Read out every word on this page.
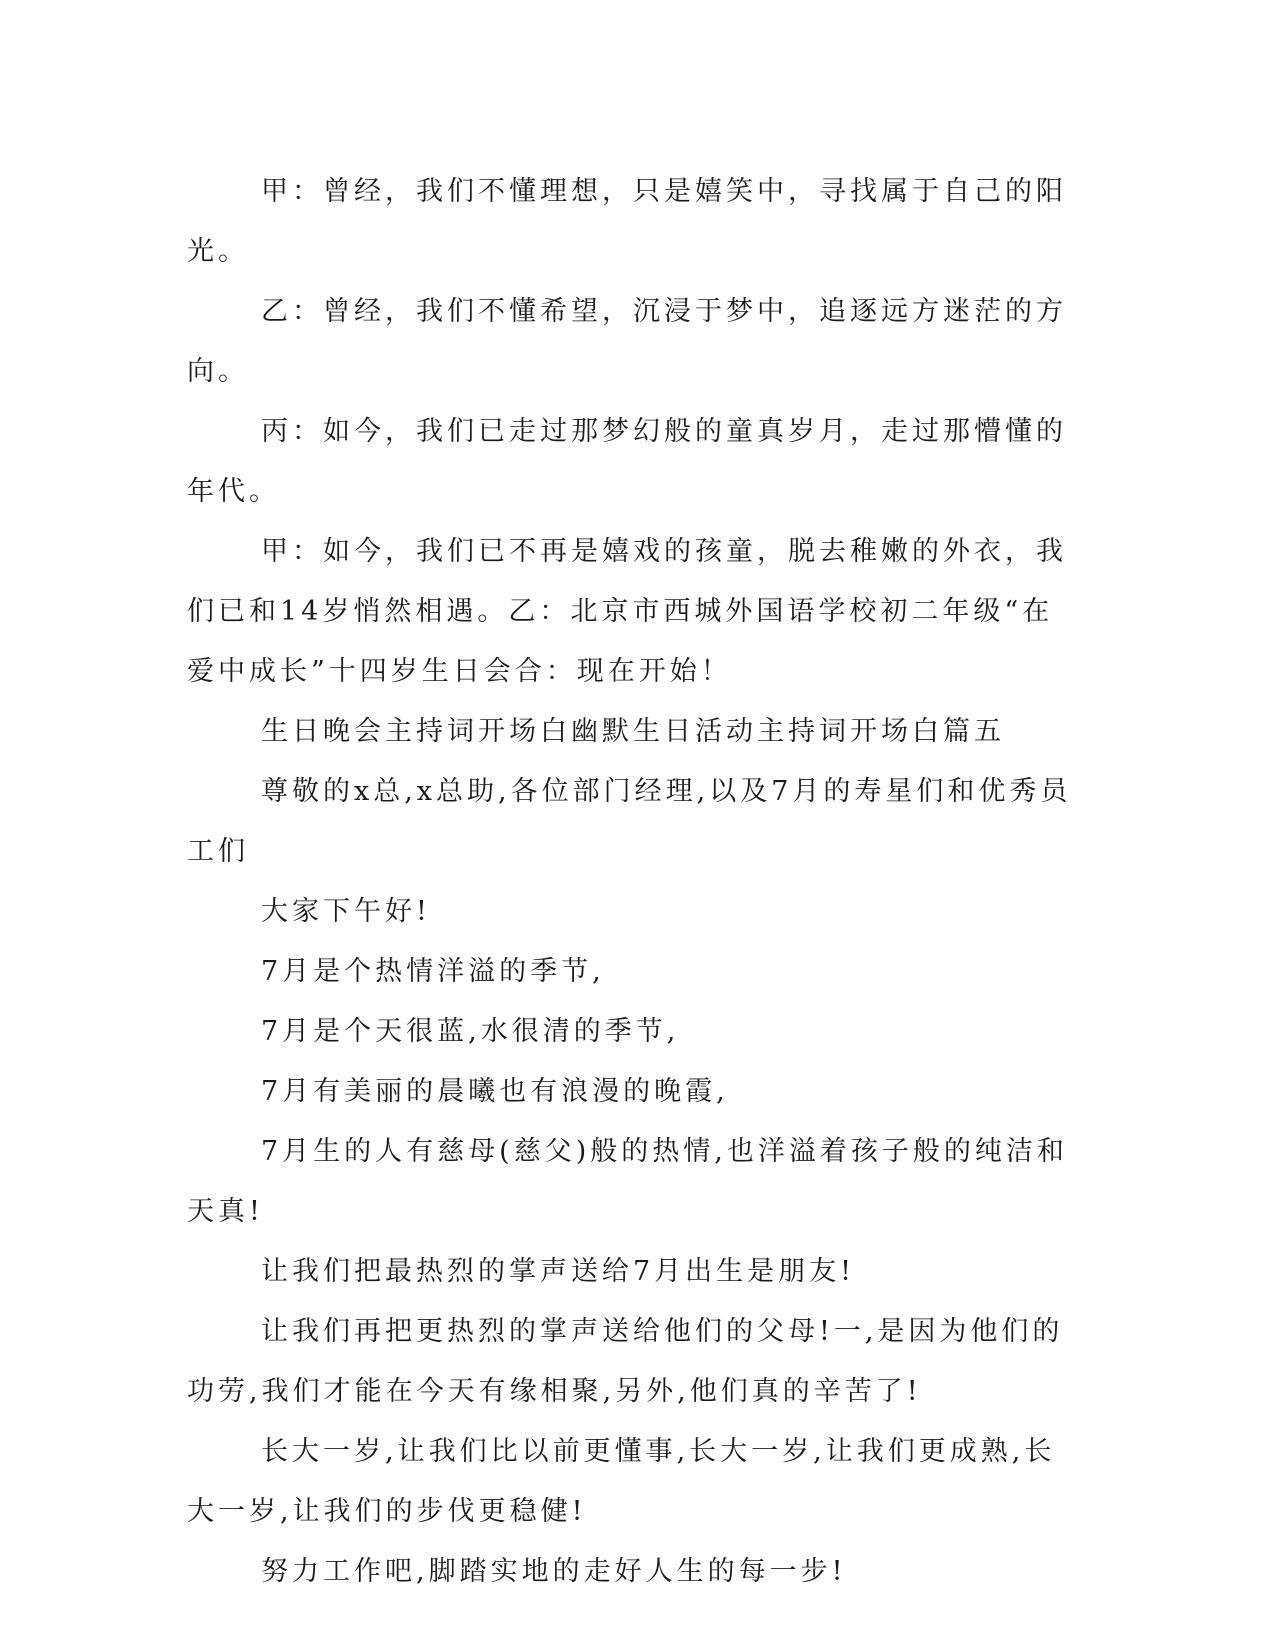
甲：曾经，我们不懂理想，只是嬉笑中，寻找属于自己的阳光。

乙：曾经，我们不懂希望，沉浸于梦中，追逐远方迷茫的方向。

丙：如今，我们已走过那梦幻般的童真岁月，走过那懵懂的年代。

甲：如今，我们已不再是嬉戏的孩童，脱去稚嫩的外衣，我们已和14岁悄然相遇。乙：北京市西城外国语学校初二年级“在爱中成长”十四岁生日会合：现在开始！

生日晚会主持词开场白幽默生日活动主持词开场白篇五

尊敬的x总,x总助,各位部门经理,以及7月的寿星们和优秀员工们

大家下午好!

7月是个热情洋溢的季节,

7月是个天很蓝,水很清的季节,

7月有美丽的晨曦也有浪漫的晚霞,

7月生的人有慈母(慈父)般的热情,也洋溢着孩子般的纯洁和天真!

让我们把最热烈的掌声送给7月出生是朋友!

让我们再把更热烈的掌声送给他们的父母!一,是因为他们的功劳,我们才能在今天有缘相聚,另外,他们真的辛苦了!

长大一岁,让我们比以前更懂事,长大一岁,让我们更成熟,长大一岁,让我们的步伐更稳健!

努力工作吧,脚踏实地的走好人生的每一步!
